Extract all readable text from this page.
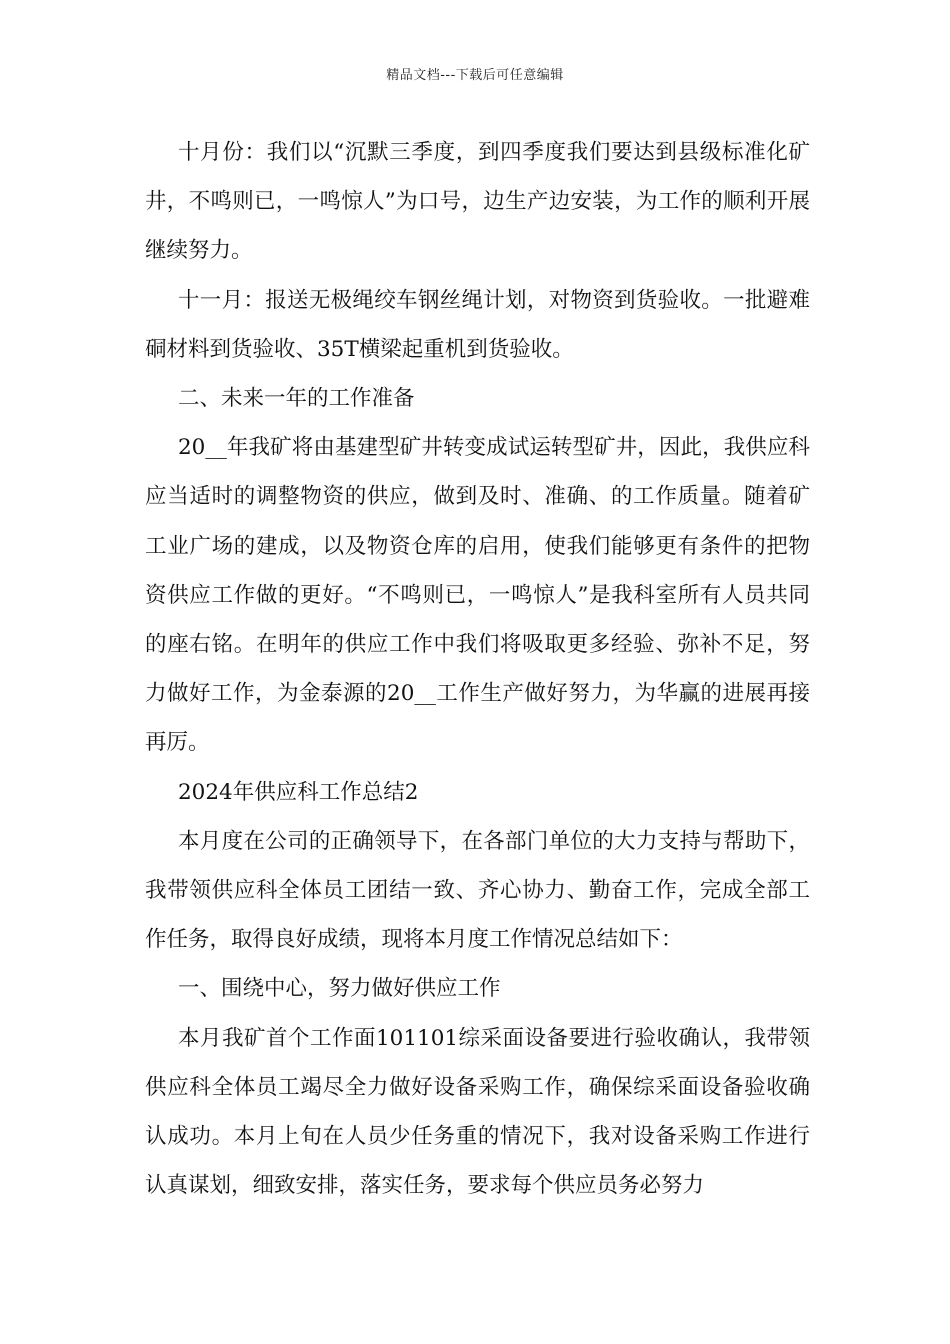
精品文档---下载后可任意编辑

十月份：我们以“沉默三季度，到四季度我们要达到县级标准化矿井，不鸣则已，一鸣惊人”为口号，边生产边安装，为工作的顺利开展继续努力。

十一月：报送无极绳绞车钢丝绳计划，对物资到货验收。一批避难硐材料到货验收、35T横梁起重机到货验收。

二、未来一年的工作准备

20__年我矿将由基建型矿井转变成试运转型矿井，因此，我供应科应当适时的调整物资的供应，做到及时、准确、的工作质量。随着矿工业广场的建成，以及物资仓库的启用，使我们能够更有条件的把物资供应工作做的更好。“不鸣则已，一鸣惊人”是我科室所有人员共同的座右铭。在明年的供应工作中我们将吸取更多经验、弥补不足，努力做好工作，为金泰源的20__工作生产做好努力，为华赢的进展再接再厉。

2024年供应科工作总结2

本月度在公司的正确领导下，在各部门单位的大力支持与帮助下，我带领供应科全体员工团结一致、齐心协力、勤奋工作，完成全部工作任务，取得良好成绩，现将本月度工作情况总结如下：

一、围绕中心，努力做好供应工作

本月我矿首个工作面101101综采面设备要进行验收确认，我带领供应科全体员工竭尽全力做好设备采购工作，确保综采面设备验收确认成功。本月上旬在人员少任务重的情况下，我对设备采购工作进行认真谋划，细致安排，落实任务，要求每个供应员务必努力
